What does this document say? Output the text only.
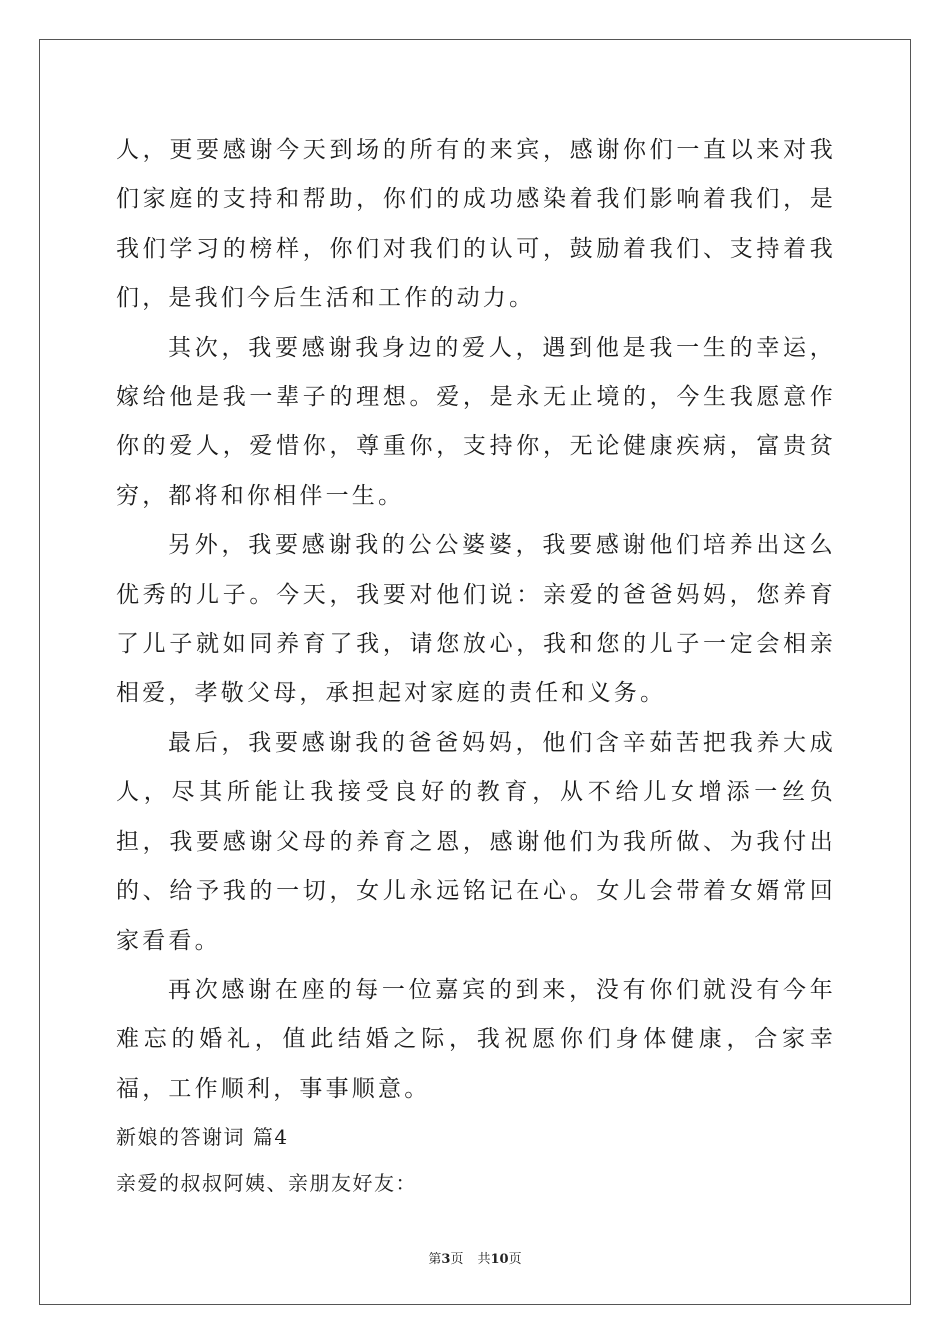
人，更要感谢今天到场的所有的来宾，感谢你们一直以来对我们家庭的支持和帮助，你们的成功感染着我们影响着我们，是我们学习的榜样，你们对我们的认可，鼓励着我们、支持着我们，是我们今后生活和工作的动力。

其次，我要感谢我身边的爱人，遇到他是我一生的幸运，嫁给他是我一辈子的理想。爱，是永无止境的，今生我愿意作你的爱人，爱惜你，尊重你，支持你，无论健康疾病，富贵贫穷，都将和你相伴一生。

另外，我要感谢我的公公婆婆，我要感谢他们培养出这么优秀的儿子。今天，我要对他们说：亲爱的爸爸妈妈，您养育了儿子就如同养育了我，请您放心，我和您的儿子一定会相亲相爱，孝敬父母，承担起对家庭的责任和义务。

最后，我要感谢我的爸爸妈妈，他们含辛茹苦把我养大成人，尽其所能让我接受良好的教育，从不给儿女增添一丝负担，我要感谢父母的养育之恩，感谢他们为我所做、为我付出的、给予我的一切，女儿永远铭记在心。女儿会带着女婿常回家看看。

再次感谢在座的每一位嘉宾的到来，没有你们就没有今年难忘的婚礼，值此结婚之际，我祝愿你们身体健康，合家幸福，工作顺利，事事顺意。

新娘的答谢词 篇4

亲爱的叔叔阿姨、亲朋友好友：

第3页 共10页
